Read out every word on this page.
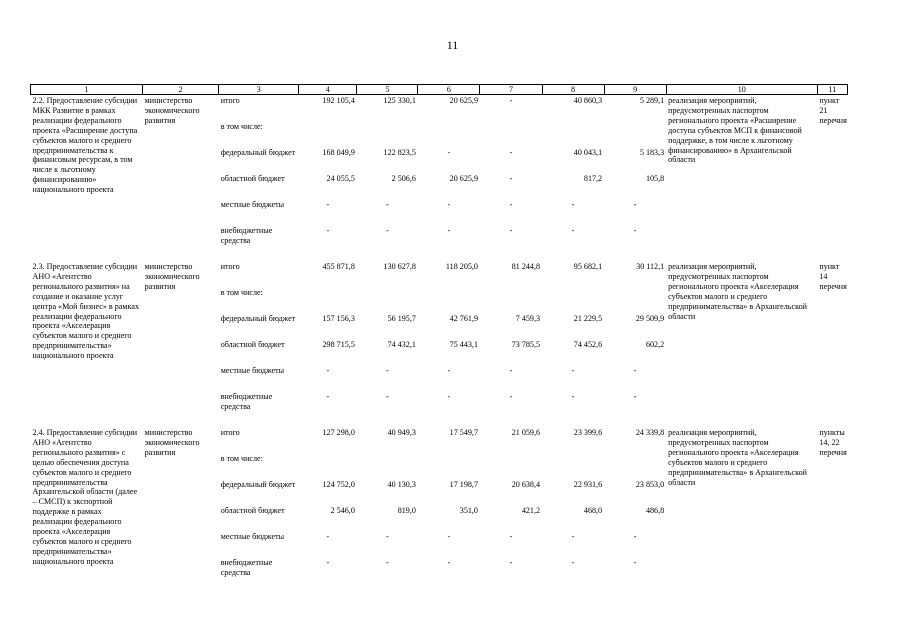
11
1	2	3	4	5	6	7	8	9	10	11
2.2. Предоставление субсидии МКК Развитие в рамках реализации федерального проекта «Расширение доступа субъектов малого и среднего предпринимательства к финансовым ресурсам, в том числе к льготному финансированию» национального проекта	министерство экономического развития	итого	192 105,4	125 330,1	20 625,9	-	40 860,3	5 289,1	реализация мероприятий, предусмотренных паспортом регионального проекта «Расширение доступа субъектов МСП к финансовой поддержке, в том числе к льготному финансированию» в Архангельской области	пункт 21 перечня
		в том числе:								
		федеральный бюджет	168 049,9	122 823,5	-	-	40 043,1	5 183,3		
		областной бюджет	24 055,5	2 506,6	20 625,9	-	817,2	105,8		
		местные бюджеты	-	-	-	-	-	-		
		внебюджетные средства	-	-	-	-	-	-		

2.3. Предоставление субсидии АНО «Агентство регионального развития» на создание и оказание услуг центра «Мой бизнес» в рамках реализации федерального проекта «Акселерация субъектов малого и среднего предпринимательства» национального проекта	министерство экономического развития	итого	455 871,8	130 627,8	118 205,0	81 244,8	95 682,1	30 112,1	реализация мероприятий, предусмотренных паспортом регионального проекта «Акселерация субъектов малого и среднего предпринимательства» в Архангельской области	пункт 14 перечня
		в том числе:								
		федеральный бюджет	157 156,3	56 195,7	42 761,9	7 459,3	21 229,5	29 509,9		
		областной бюджет	298 715,5	74 432,1	75 443,1	73 785,5	74 452,6	602,2		
		местные бюджеты	-	-	-	-	-	-		
		внебюджетные средства	-	-	-	-	-	-		

2.4. Предоставление субсидии АНО «Агентство регионального развития» с целью обеспечения доступа субъектов малого и среднего предпринимательства Архангельской области (далее – СМСП) к экспортной поддержке в рамках реализации федерального проекта «Акселерация субъектов малого и среднего предпринимательства» национального проекта	министерство экономического развития	итого	127 298,0	40 949,3	17 549,7	21 059,6	23 399,6	24 339,8	реализация мероприятий, предусмотренных паспортом регионального проекта «Акселерация субъектов малого и среднего предпринимательства» в Архангельской области	пункты 14, 22 перечня
		в том числе:								
		федеральный бюджет	124 752,0	40 130,3	17 198,7	20 638,4	22 931,6	23 853,0		
		областной бюджет	2 546,0	819,0	351,0	421,2	468,0	486,8		
		местные бюджеты	-	-	-	-	-	-		
		внебюджетные средства	-	-	-	-	-	-		
